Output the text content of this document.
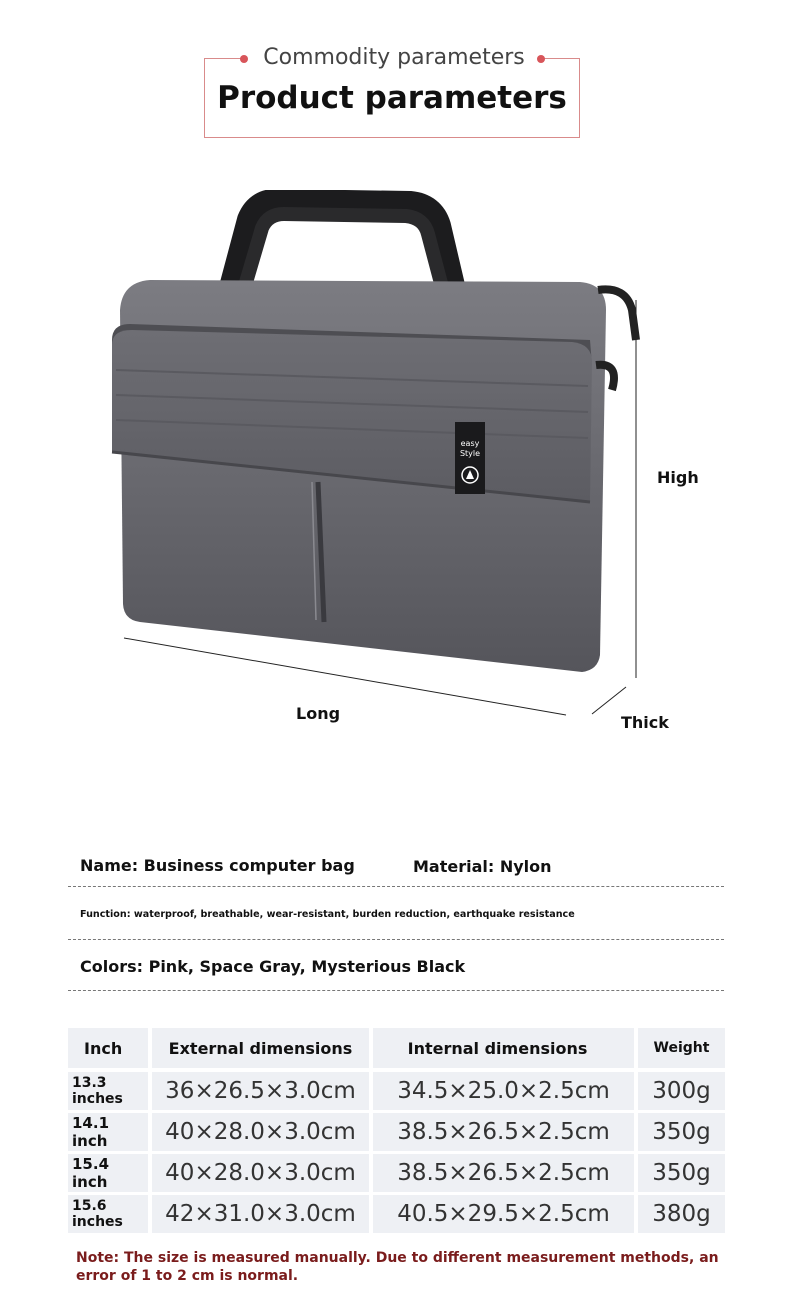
Commodity parameters
Product parameters
easy
Style
High
Long	Thick
Name: Business computer bag	Material: Nylon
Function: waterproof, breathable, wear-resistant, burden reduction, earthquake resistance
Colors: Pink, Space Gray, Mysterious Black
Inch	External dimensions	Internal dimensions	Weight
13.3 inches	36×26.5×3.0cm	34.5×25.0×2.5cm	300g
14.1 inch	40×28.0×3.0cm	38.5×26.5×2.5cm	350g
15.4 inch	40×28.0×3.0cm	38.5×26.5×2.5cm	350g
15.6 inches	42×31.0×3.0cm	40.5×29.5×2.5cm	380g
Note: The size is measured manually. Due to different measurement methods, an error of 1 to 2 cm is normal.
